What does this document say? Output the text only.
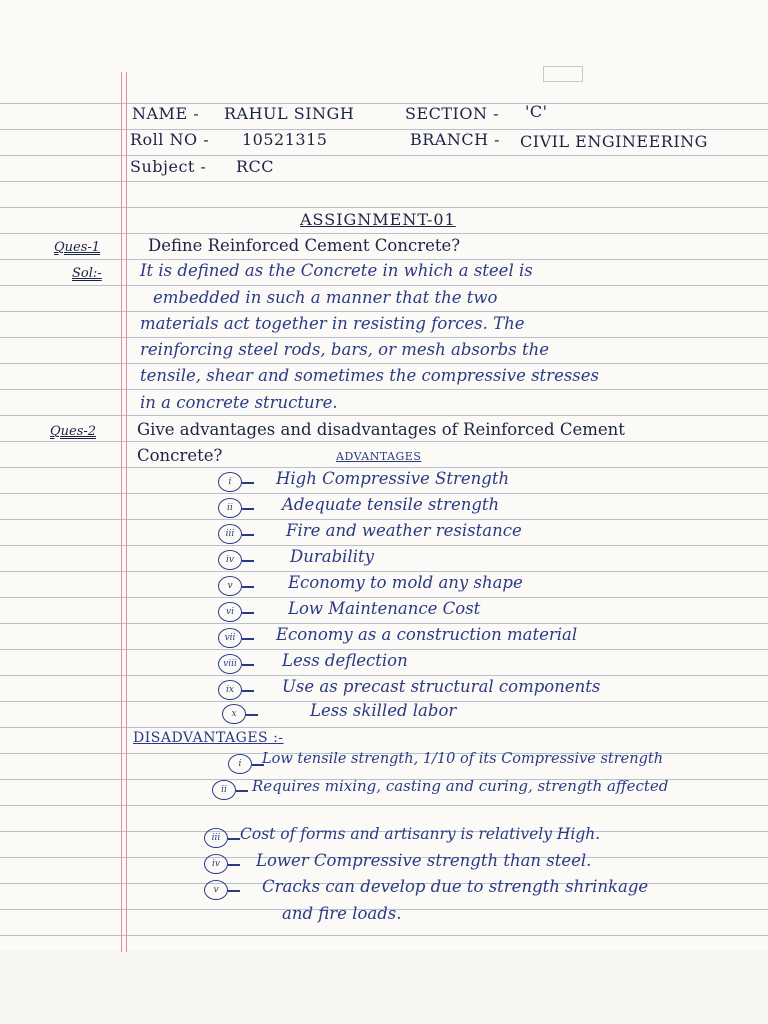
NAME - RAHUL SINGH	SECTION - 'C'
Roll NO - 10521315	BRANCH - CIVIL ENGINEERING
Subject - RCC
ASSIGNMENT-01
Ques-1	Define Reinforced Cement Concrete?
Sol:- It is defined as the Concrete in which a steel is
embedded in such a manner that the two
materials act together in resisting forces. The
reinforcing steel rods, bars, or mesh absorbs the
tensile, shear and sometimes the compressive stresses
in a concrete structure.
Ques-2 Give advantages and disadvantages of Reinforced Cement
Concrete?	ADVANTAGES
i	High Compressive Strength
ii	Adequate tensile strength
iii	Fire and weather resistance
iv	Durability
v	Economy to mold any shape
vi	Low Maintenance Cost
vii	Economy as a construction material
viii	Less deflection
ix	Use as precast structural components
x	Less skilled labor
DISADVANTAGES :-
i	Low tensile strength, 1/10 of its Compressive strength
ii	Requires mixing, casting and curing, strength affected
iii	Cost of forms and artisanry is relatively High.
iv	Lower Compressive strength than steel.
v	Cracks can develop due to strength shrinkage
and fire loads.
